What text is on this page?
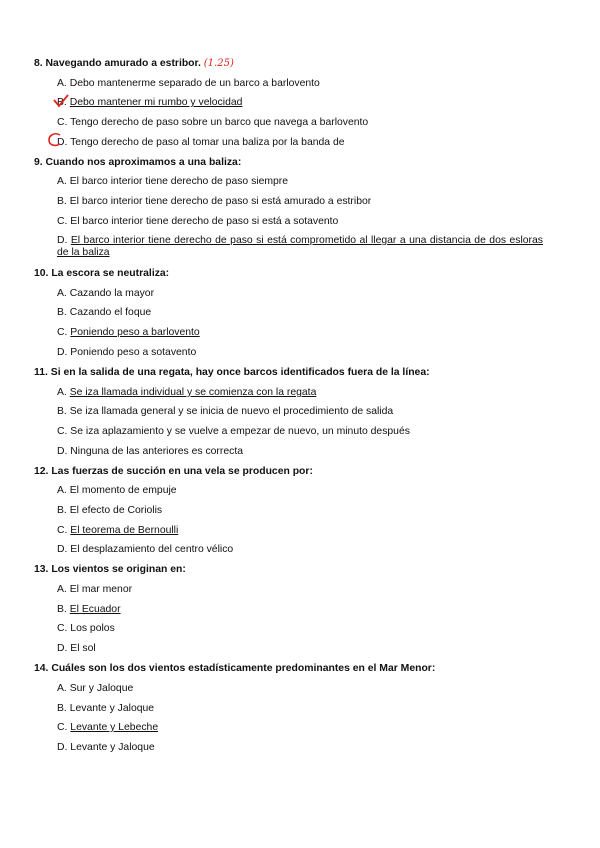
8. Navegando amurado a estribor. (1.25)
A. Debo mantenerme separado de un barco a barlovento
B. Debo mantener mi rumbo y velocidad
C. Tengo derecho de paso sobre un barco que navega a barlovento
D. Tengo derecho de paso al tomar una baliza por la banda de
9. Cuando nos aproximamos a una baliza:
A. El barco interior tiene derecho de paso siempre
B. El barco interior tiene derecho de paso si está amurado a estribor
C. El barco interior tiene derecho de paso si está a sotavento
D. El barco interior tiene derecho de paso si está comprometido al llegar a una distancia de dos esloras de la baliza
10. La escora se neutraliza:
A. Cazando la mayor
B. Cazando el foque
C. Poniendo peso a barlovento
D. Poniendo peso a sotavento
11. Si en la salida de una regata, hay once barcos identificados fuera de la línea:
A. Se iza llamada individual y se comienza con la regata
B. Se iza llamada general y se inicia de nuevo el procedimiento de salida
C. Se iza aplazamiento y se vuelve a empezar de nuevo, un minuto después
D. Ninguna de las anteriores es correcta
12. Las fuerzas de succión en una vela se producen por:
A. El momento de empuje
B. El efecto de Coriolis
C. El teorema de Bernoulli
D. El desplazamiento del centro vélico
13. Los vientos se originan en:
A. El mar menor
B. El Ecuador
C. Los polos
D. El sol
14. Cuáles son los dos vientos estadísticamente predominantes en el Mar Menor:
A. Sur y Jaloque
B. Levante y Jaloque
C. Levante y Lebeche
D. Levante y Jaloque
